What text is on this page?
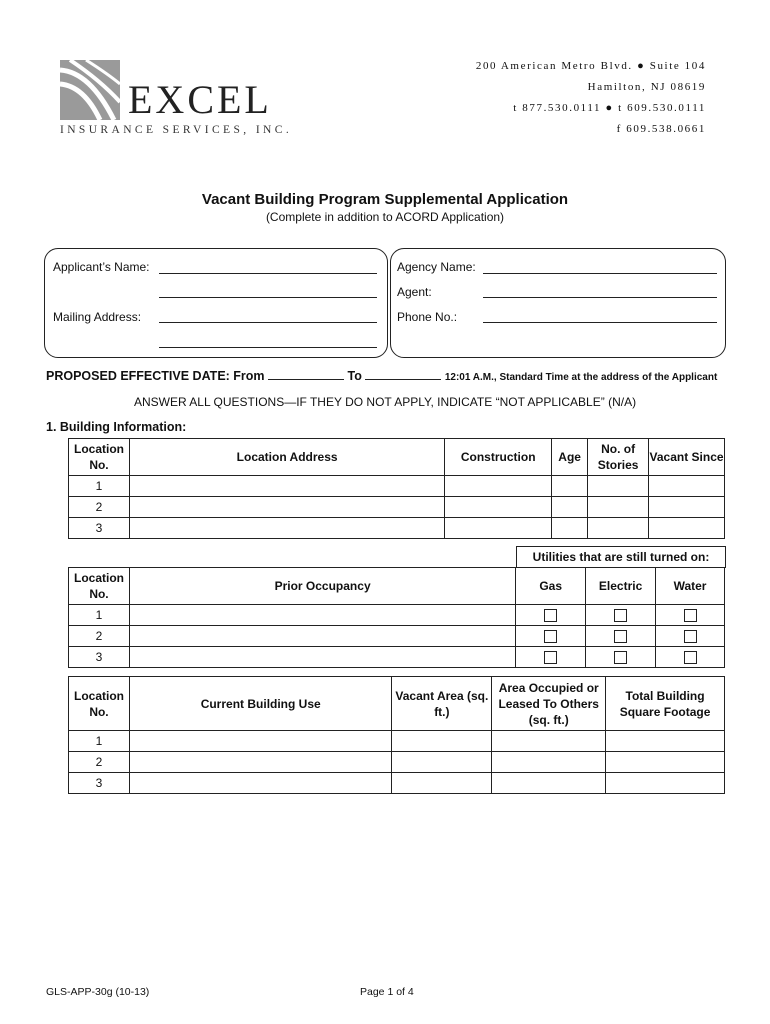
EXCEL
INSURANCE SERVICES, INC.
200 American Metro Blvd. ● Suite 104
Hamilton, NJ 08619
t 877.530.0111 ● t 609.530.0111
f 609.538.0661
Vacant Building Program Supplemental Application
(Complete in addition to ACORD Application)
Applicant’s Name:
Mailing Address:
Agency Name:
Agent:
Phone No.:
PROPOSED EFFECTIVE DATE: From	To	12:01 A.M., Standard Time at the address of the Applicant
ANSWER ALL QUESTIONS—IF THEY DO NOT APPLY, INDICATE “NOT APPLICABLE” (N/A)
1. Building Information:
Location No.	Location Address	Construction	Age	No. of Stories	Vacant Since
1					
2					
3					
Utilities that are still turned on:
Location No.	Prior Occupancy	Gas	Electric	Water
1				
2				
3				
Location No.	Current Building Use	Vacant Area (sq. ft.)	Area Occupied or Leased To Others (sq. ft.)	Total Building Square Footage
1				
2				
3				
GLS-APP-30g (10-13)	Page 1 of 4
